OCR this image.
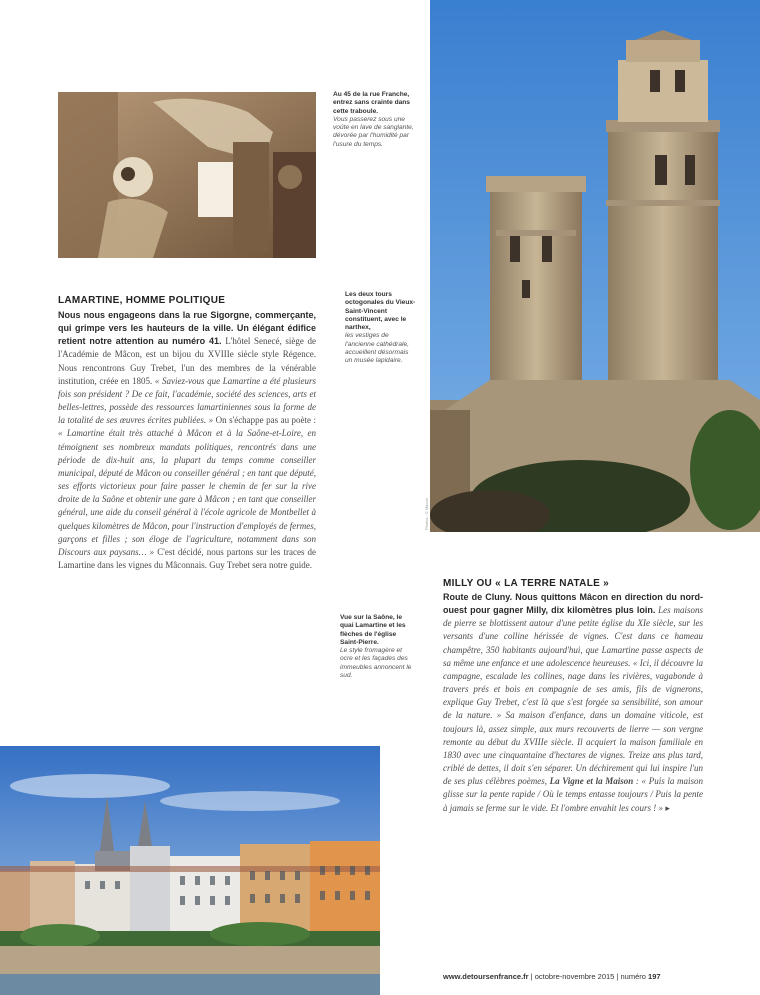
Au 45 de la rue Franche, entrez sans crainte dans cette traboule.
Vous passerez sous une voûte en lave de sanglante, dévorée par l'humidité par l'usure du temps.
Photos : © Mâcon
Les deux tours octogonales du Vieux-Saint-Vincent constituent, avec le narthex,
les vestiges de l'ancienne cathédrale, accueillent désormais un musée lapidaire.
LAMARTINE, HOMME POLITIQUE
Nous nous engageons dans la rue Sigorgne, commerçante, qui grimpe vers les hauteurs de la ville. Un élégant édifice retient notre attention au numéro 41. L'hôtel Senecé, siège de l'Académie de Mâcon, est un bijou du XVIIIe siècle style Régence. Nous rencontrons Guy Trebet, l'un des membres de la vénérable institution, créée en 1805. « Saviez-vous que Lamartine a été plusieurs fois son président ? De ce fait, l'académie, société des sciences, arts et belles-lettres, possède des ressources lamartiniennes sous la forme de la totalité de ses œuvres écrites publiées. » On s'échappe pas au poète : « Lamartine était très attaché à Mâcon et à la Saône-et-Loire, en témoignent ses nombreux mandats politiques, rencontrés dans une période de dix-huit ans, la plupart du temps comme conseiller municipal, député de Mâcon ou conseiller général ; en tant que député, ses efforts victorieux pour faire passer le chemin de fer sur la rive droite de la Saône et obtenir une gare à Mâcon ; en tant que conseiller général, une aide du conseil général à l'école agricole de Montbellet à quelques kilomètres de Mâcon, pour l'instruction d'employés de fermes, garçons et filles ; son éloge de l'agriculture, notamment dans son Discours aux paysans… » C'est décidé, nous partons sur les traces de Lamartine dans les vignes du Mâconnais. Guy Trebet sera notre guide.
Vue sur la Saône, le quai Lamartine et les flèches de l'église Saint-Pierre.
Le style fromagère et ocre et les façades des immeubles annoncent le sud.
MILLY OU « LA TERRE NATALE »
Route de Cluny. Nous quittons Mâcon en direction du nord-ouest pour gagner Milly, dix kilomètres plus loin. Les maisons de pierre se blottissent autour d'une petite église du XIe siècle, sur les versants d'une colline hérissée de vignes. C'est dans ce hameau champêtre, 350 habitants aujourd'hui, que Lamartine passe aspects de sa même une enfance et une adolescence heureuses. « Ici, il découvre la campagne, escalade les collines, nage dans les rivières, vagabonde à travers prés et bois en compagnie de ses amis, fils de vignerons, explique Guy Trebet, c'est là que s'est forgée sa sensibilité, son amour de la nature. » Sa maison d'enfance, dans un domaine viticole, est toujours là, assez simple, aux murs recouverts de lierre — son vergne remonte au début du XVIIIe siècle. Il acquiert la maison familiale en 1830 avec une cinquantaine d'hectares de vignes. Treize ans plus tard, criblé de dettes, il doit s'en séparer. Un déchirement qui lui inspire l'un de ses plus célèbres poèmes, La Vigne et la Maison : « Puis la maison glisse sur la pente rapide / Où le temps entasse toujours / Puis la pente à jamais se ferme sur le vide. Et l'ombre envahit les cours ! » ▸
www.detoursenfrance.fr | octobre-novembre 2015 | numéro 197
